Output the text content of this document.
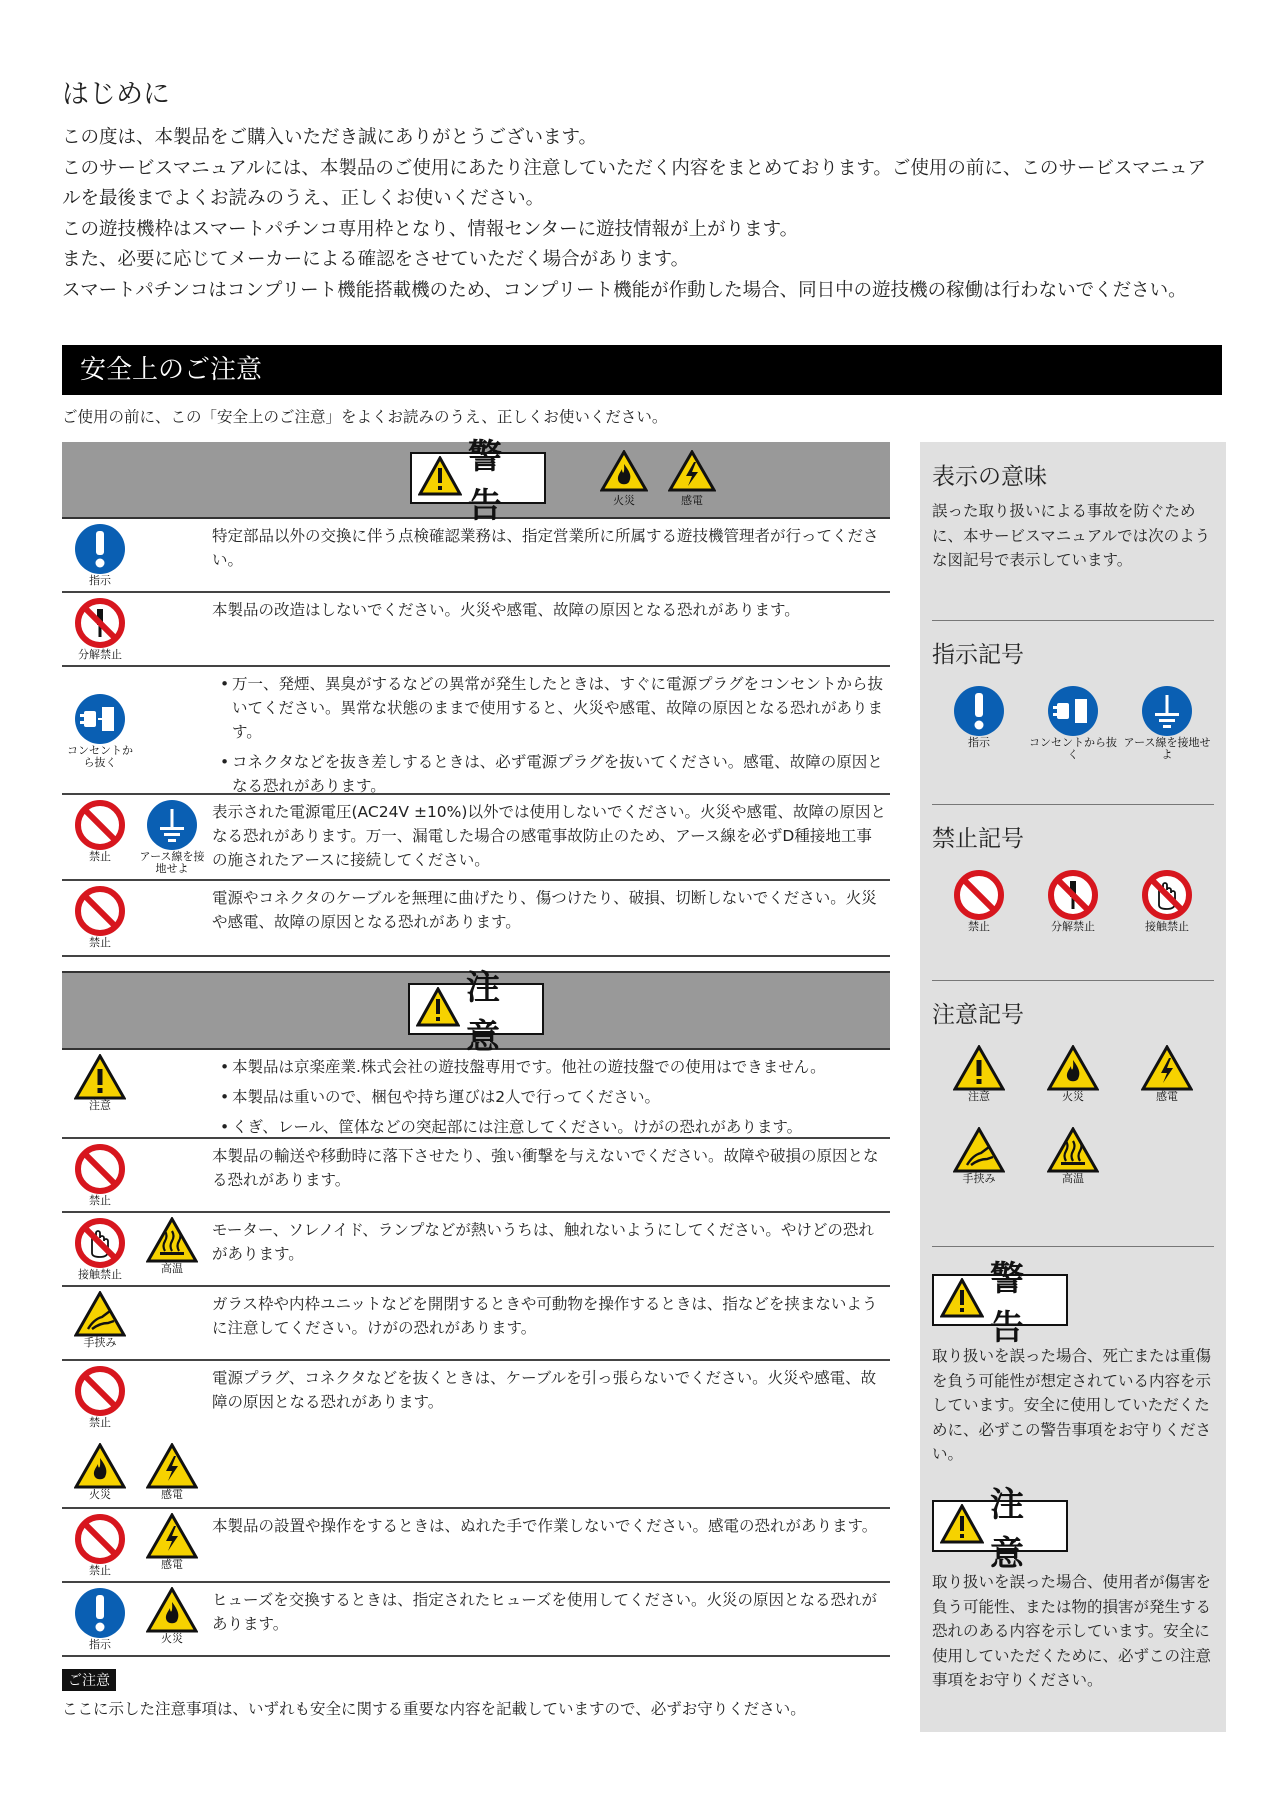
はじめに

この度は、本製品をご購入いただき誠にありがとうございます。

このサービスマニュアルには、本製品のご使用にあたり注意していただく内容をまとめております。ご使用の前に、このサービスマニュアルを最後までよくお読みのうえ、正しくお使いください。

この遊技機枠はスマートパチンコ専用枠となり、情報センターに遊技情報が上がります。

また、必要に応じてメーカーによる確認をさせていただく場合があります。

スマートパチンコはコンプリート機能搭載機のため、コンプリート機能が作動した場合、同日中の遊技機の稼働は行わないでください。

安全上のご注意
ご使用の前に、この「安全上のご注意」をよくお読みのうえ、正しくお使いください。
警告	火災	感電
指示
特定部品以外の交換に伴う点検確認業務は、指定営業所に所属する遊技機管理者が行ってください。
分解禁止
本製品の改造はしないでください。火災や感電、故障の原因となる恐れがあります。
コンセントから抜く
• 万一、発煙、異臭がするなどの異常が発生したときは、すぐに電源プラグをコンセントから抜いてください。異常な状態のままで使用すると、火災や感電、故障の原因となる恐れがあります。
• コネクタなどを抜き差しするときは、必ず電源プラグを抜いてください。感電、故障の原因となる恐れがあります。
禁止	アース線を接地せよ
表示された電源電圧(AC24V ±10%)以外では使用しないでください。火災や感電、故障の原因となる恐れがあります。万一、漏電した場合の感電事故防止のため、アース線を必ずD種接地工事の施されたアースに接続してください。
禁止
電源やコネクタのケーブルを無理に曲げたり、傷つけたり、破損、切断しないでください。火災や感電、故障の原因となる恐れがあります。
注意
注意
• 本製品は京楽産業.株式会社の遊技盤専用です。他社の遊技盤での使用はできません。
• 本製品は重いので、梱包や持ち運びは2人で行ってください。
• くぎ、レール、筐体などの突起部には注意してください。けがの恐れがあります。
禁止
本製品の輸送や移動時に落下させたり、強い衝撃を与えないでください。故障や破損の原因となる恐れがあります。
接触禁止	高温
モーター、ソレノイド、ランプなどが熱いうちは、触れないようにしてください。やけどの恐れがあります。
手挟み
ガラス枠や内枠ユニットなどを開閉するときや可動物を操作するときは、指などを挟まないように注意してください。けがの恐れがあります。
禁止
火災	感電
電源プラグ、コネクタなどを抜くときは、ケーブルを引っ張らないでください。火災や感電、故障の原因となる恐れがあります。
禁止	感電
本製品の設置や操作をするときは、ぬれた手で作業しないでください。感電の恐れがあります。
指示	火災
ヒューズを交換するときは、指定されたヒューズを使用してください。火災の原因となる恐れがあります。
ご注意
ここに示した注意事項は、いずれも安全に関する重要な内容を記載していますので、必ずお守りください。
表示の意味
誤った取り扱いによる事故を防ぐために、本サービスマニュアルでは次のような図記号で表示しています。
指示記号
指示	コンセントから抜く
アース線を接地せよ
禁止記号
禁止	分解禁止	接触禁止
注意記号
注意	火災	感電
手挟み	高温
警告
取り扱いを誤った場合、死亡または重傷を負う可能性が想定されている内容を示しています。安全に使用していただくために、必ずこの警告事項をお守りください。
注意
取り扱いを誤った場合、使用者が傷害を負う可能性、または物的損害が発生する恐れのある内容を示しています。安全に使用していただくために、必ずこの注意事項をお守りください。
